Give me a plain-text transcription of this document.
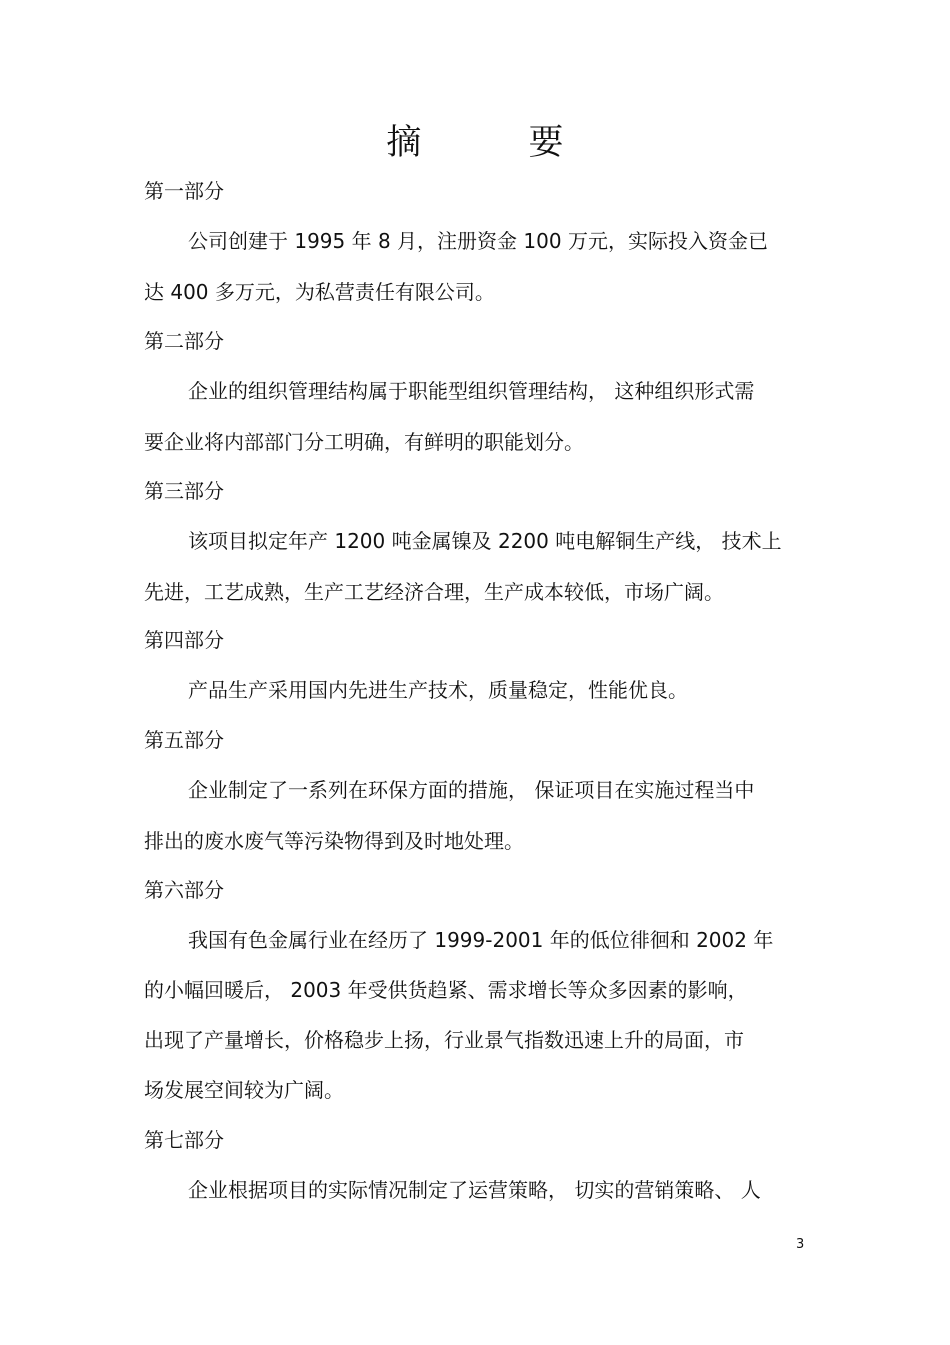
摘 要
第一部分
公司创建于 1995 年 8 月，注册资金 100 万元，实际投入资金已
达 400 多万元，为私营责任有限公司。
第二部分
企业的组织管理结构属于职能型组织管理结构， 这种组织形式需
要企业将内部部门分工明确，有鲜明的职能划分。
第三部分
该项目拟定年产 1200 吨金属镍及 2200 吨电解铜生产线， 技术上
先进，工艺成熟，生产工艺经济合理，生产成本较低，市场广阔。
第四部分
产品生产采用国内先进生产技术，质量稳定，性能优良。
第五部分
企业制定了一系列在环保方面的措施， 保证项目在实施过程当中
排出的废水废气等污染物得到及时地处理。
第六部分
我国有色金属行业在经历了 1999-2001 年的低位徘徊和 2002 年
的小幅回暖后， 2003 年受供货趋紧、需求增长等众多因素的影响，
出现了产量增长，价格稳步上扬，行业景气指数迅速上升的局面，市
场发展空间较为广阔。
第七部分
企业根据项目的实际情况制定了运营策略， 切实的营销策略、 人
3
